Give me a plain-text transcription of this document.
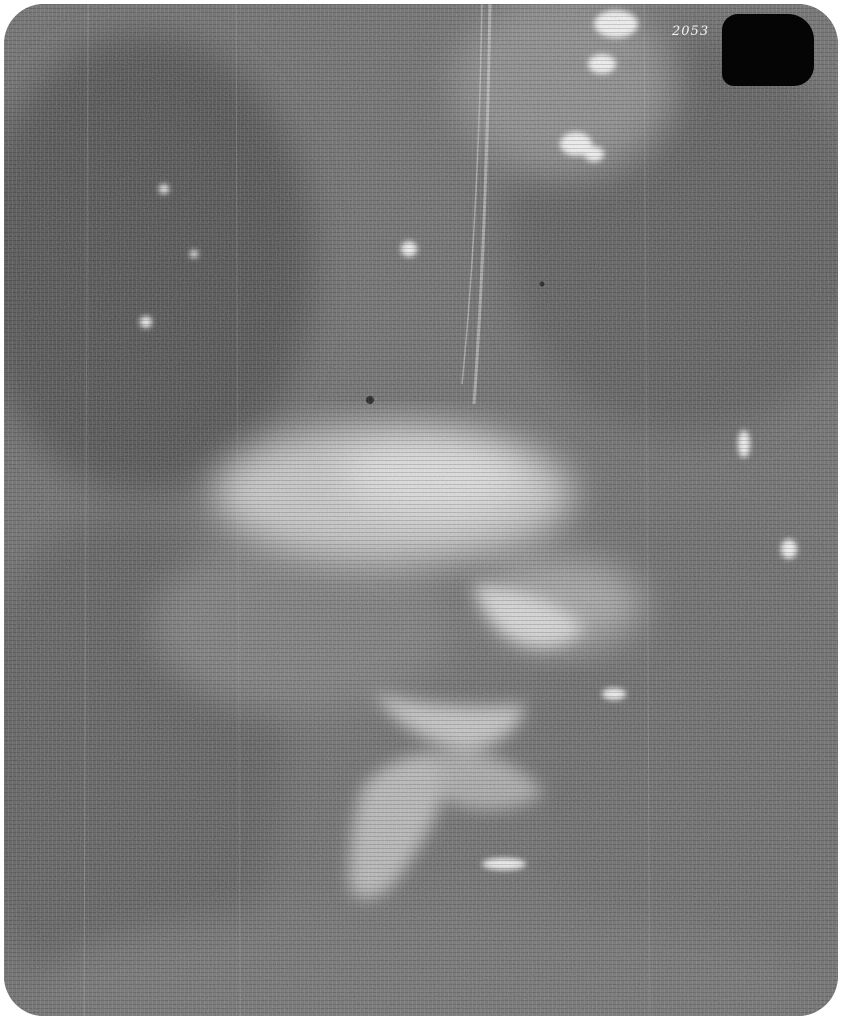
2053
